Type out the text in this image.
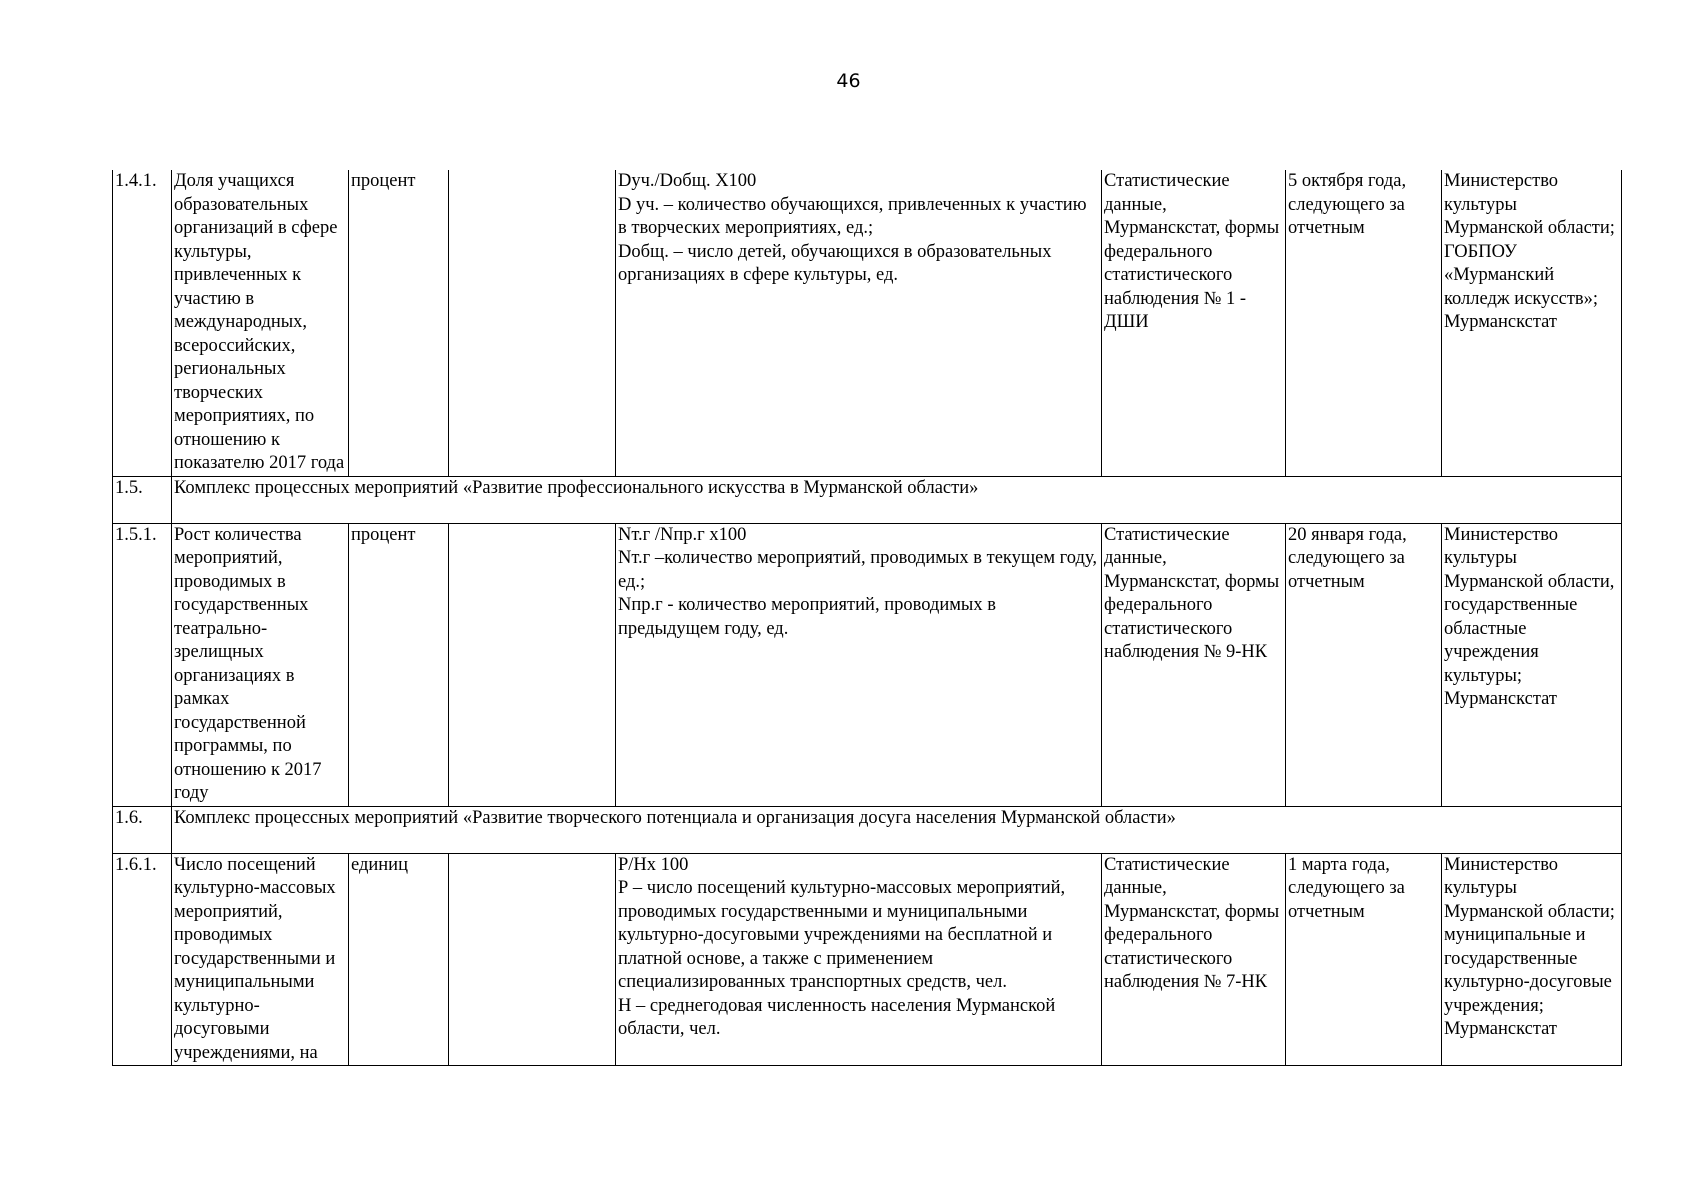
46
1.4.1.	Доля учащихся образовательных организаций в сфере культуры, привлеченных к участию в международных, всероссийских, региональных творческих мероприятиях, по отношению к показателю 2017 года	процент		Dуч./Dобщ. Х100
D уч. – количество обучающихся, привлеченных к участию в творческих мероприятиях, ед.;
Dобщ. – число детей, обучающихся в образовательных организациях в сфере культуры, ед.	Статистические данные, Мурманскстат, формы федерального статистического наблюдения № 1 - ДШИ	5 октября года, следующего за отчетным	Министерство культуры Мурманской области; ГОБПОУ «Мурманский колледж искусств»; Мурманскстат
1.5.	Комплекс процессных мероприятий «Развитие профессионального искусства в Мурманской области»						
1.5.1.	Рост количества мероприятий, проводимых в государственных театрально-зрелищных организациях в рамках государственной программы, по отношению к 2017 году	процент		Nт.г /Nпр.г х100
Nт.г –количество мероприятий, проводимых в текущем году, ед.;
Nпр.г - количество мероприятий, проводимых в предыдущем году, ед.	Статистические данные, Мурманскстат, формы федерального статистического наблюдения № 9-НК	20 января года, следующего за отчетным	Министерство культуры Мурманской области, государственные областные учреждения культуры; Мурманскстат
1.6.	Комплекс процессных мероприятий «Развитие творческого потенциала и организация досуга населения Мурманской области»						
1.6.1.	Число посещений культурно-массовых мероприятий, проводимых государственными и муниципальными культурно-досуговыми учреждениями, на	единиц		Р/Нх 100
Р – число посещений культурно-массовых мероприятий, проводимых государственными и муниципальными культурно-досуговыми учреждениями на бесплатной и платной основе, а также с применением специализированных транспортных средств, чел.
Н – среднегодовая численность населения Мурманской области, чел.	Статистические данные, Мурманскстат, формы федерального статистического наблюдения № 7-НК	1 марта года, следующего за отчетным	Министерство культуры Мурманской области; муниципальные и государственные культурно-досуговые учреждения; Мурманскстат
